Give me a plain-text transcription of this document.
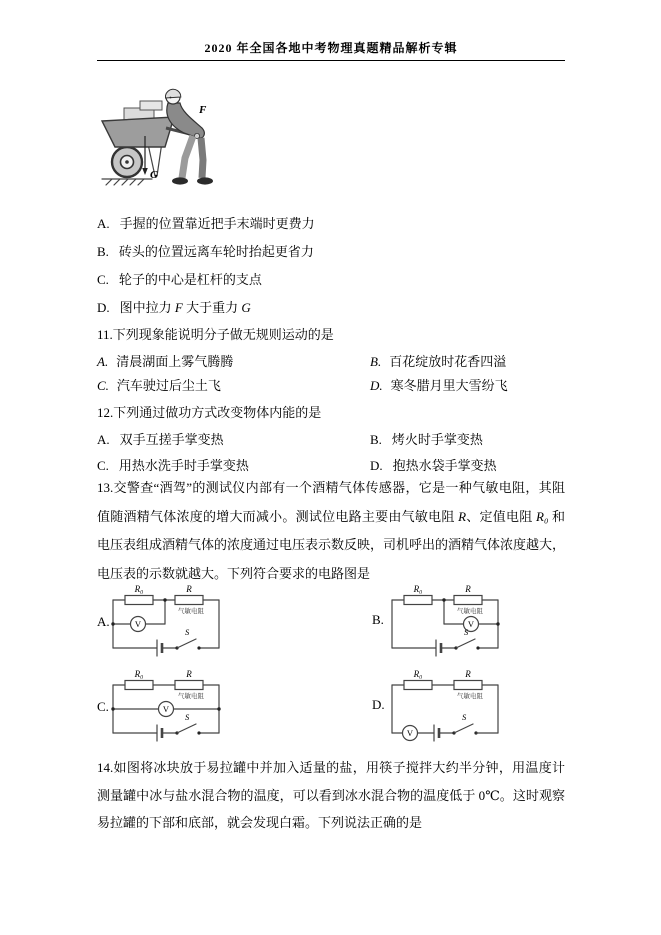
2020 年全国各地中考物理真题精品解析专辑
F
G
A. 手握的位置靠近把手末端时更费力
B. 砖头的位置远离车轮时抬起更省力
C. 轮子的中心是杠杆的支点
D. 图中拉力 F 大于重力 G
11.下列现象能说明分子做无规则运动的是
A. 清晨湖面上雾气腾腾	B. 百花绽放时花香四溢
C. 汽车驶过后尘土飞	D. 寒冬腊月里大雪纷飞
12.下列通过做功方式改变物体内能的是
A. 双手互搓手掌变热	B. 烤火时手掌变热
C. 用热水洗手时手掌变热	D. 抱热水袋手掌变热
13.交警查“酒驾”的测试仪内部有一个酒精气体传感器，它是一种气敏电阻，其阻值随酒精气体浓度的增大而减小。测试位电路主要由气敏电阻 R、定值电阻 R₀ 和电压表组成酒精气体的浓度通过电压表示数反映，司机呼出的酒精气体浓度越大，电压表的示数就越大。下列符合要求的电路图是
A.
R₀	R
气敏电阻
V
S
B.
R₀	R
气敏电阻
V
S
C.
R₀	R
气敏电阻
V
S
D.
R₀	R
气敏电阻
V
S
14.如图将冰块放于易拉罐中并加入适量的盐，用筷子搅拌大约半分钟，用温度计测量罐中冰与盐水混合物的温度，可以看到冰水混合物的温度低于 0℃。这时观察易拉罐的下部和底部，就会发现白霜。下列说法正确的是
